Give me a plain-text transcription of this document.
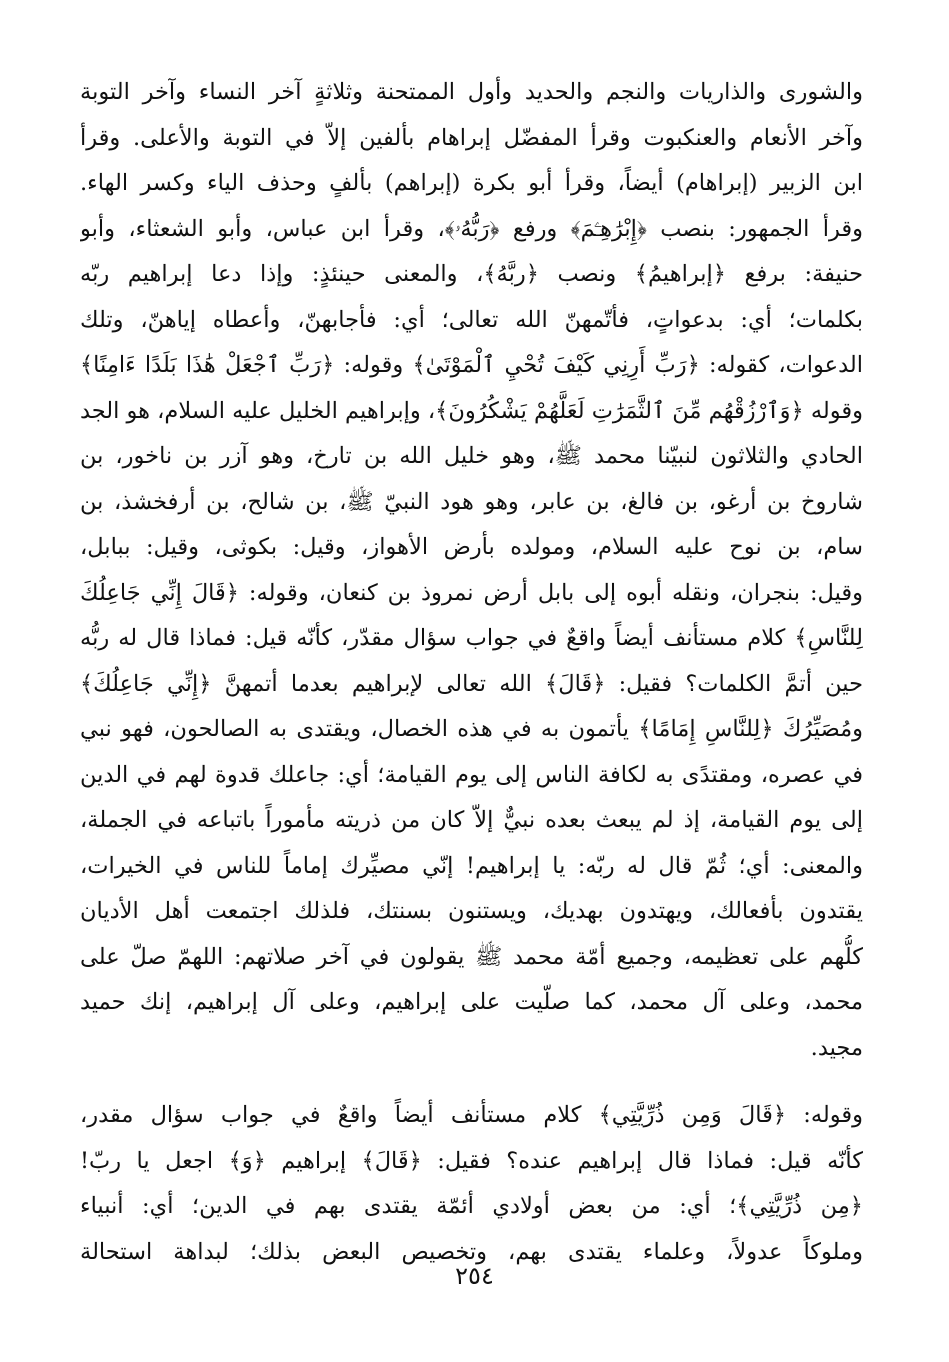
والشورى والذاريات والنجم والحديد وأول الممتحنة وثلاثةٍ آخر النساء وآخر التوبة
وآخر الأنعام والعنكبوت وقرأ المفضّل إبراهام بألفين إلاّ في التوبة والأعلى. وقرأ
ابن الزبير (إبراهام) أيضاً، وقرأ أبو بكرة (إبراهم) بألفٍ وحذف الياء وكسر الهاء.
وقرأ الجمهور: بنصب ﴿إِبْرَٰهِـۧمَ﴾ ورفع ﴿رَبُّهُۥ﴾، وقرأ ابن عباس، وأبو الشعثاء، وأبو
حنيفة: برفع ﴿إبراهيمُ﴾ ونصب ﴿ربَّهُ﴾، والمعنى حينئذٍ: وإذا دعا إبراهيم ربّه
بكلمات؛ أي: بدعواتٍ، فأتّمهنّ الله تعالى؛ أي: فأجابهنّ، وأعطاه إياهنّ، وتلك
الدعوات، كقوله: ﴿رَبِّ أَرِنِي كَيْفَ تُحْيِ ٱلْمَوْتَىٰ﴾ وقوله: ﴿رَبِّ ٱجْعَلْ هَٰذَا بَلَدًا ءَامِنًا﴾
وقوله ﴿وَٱرْزُقْهُم مِّنَ ٱلثَّمَرَٰتِ لَعَلَّهُمْ يَشْكُرُونَ﴾، وإبراهيم الخليل عليه السلام، هو الجد
الحادي والثلاثون لنبيّنا محمد ﷺ، وهو خليل الله بن تارخ، وهو آزر بن ناخور، بن
شاروخ بن أرغو، بن فالغ، بن عابر، وهو هود النبيّ ﷺ، بن شالح، بن أرفخشذ، بن
سام، بن نوح عليه السلام، ومولده بأرض الأهواز، وقيل: بكوثى، وقيل: ببابل،
وقيل: بنجران، ونقله أبوه إلى بابل أرض نمروذ بن كنعان، وقوله: ﴿قَالَ إِنِّي جَاعِلُكَ
لِلنَّاسِ﴾ كلام مستأنف أيضاً واقعٌ في جواب سؤال مقدّر، كأنّه قيل: فماذا قال له ربُّه
حين أتمَّ الكلمات؟ فقيل: ﴿قَالَ﴾ الله تعالى لإبراهيم بعدما أتمهنَّ ﴿إِنِّي جَاعِلُكَ﴾
ومُصَيِّرُكَ ﴿لِلنَّاسِ إِمَامًا﴾ يأتمون به في هذه الخصال، ويقتدى به الصالحون، فهو نبي
في عصره، ومقتدًى به لكافة الناس إلى يوم القيامة؛ أي: جاعلك قدوة لهم في الدين
إلى يوم القيامة، إذ لم يبعث بعده نبيٌّ إلاّ كان من ذريته مأموراً باتباعه في الجملة،
والمعنى: أي؛ ثُمّ قال له ربّه: يا إبراهيم! إنّي مصيِّرك إماماً للناس في الخيرات،
يقتدون بأفعالك، ويهتدون بهديك، ويستنون بسنتك، فلذلك اجتمعت أهل الأديان
كلُّهم على تعظيمه، وجميع أمّة محمد ﷺ يقولون في آخر صلاتهم: اللهمّ صلّ على
محمد، وعلى آل محمد، كما صلّيت على إبراهيم، وعلى آل إبراهيم، إنك حميد
مجيد.
وقوله: ﴿قَالَ وَمِن ذُرِّيَّتِي﴾ كلام مستأنف أيضاً واقعٌ في جواب سؤال مقدر،
كأنّه قيل: فماذا قال إبراهيم عنده؟ فقيل: ﴿قَالَ﴾ إبراهيم ﴿وَ﴾ اجعل يا ربّ!
﴿مِن ذُرِّيَّتِي﴾؛ أي: من بعض أولادي أئمّة يقتدى بهم في الدين؛ أي: أنبياء
وملوكاً عدولاً، وعلماء يقتدى بهم، وتخصيص البعض بذلك؛ لبداهة استحالة
٢٥٤
